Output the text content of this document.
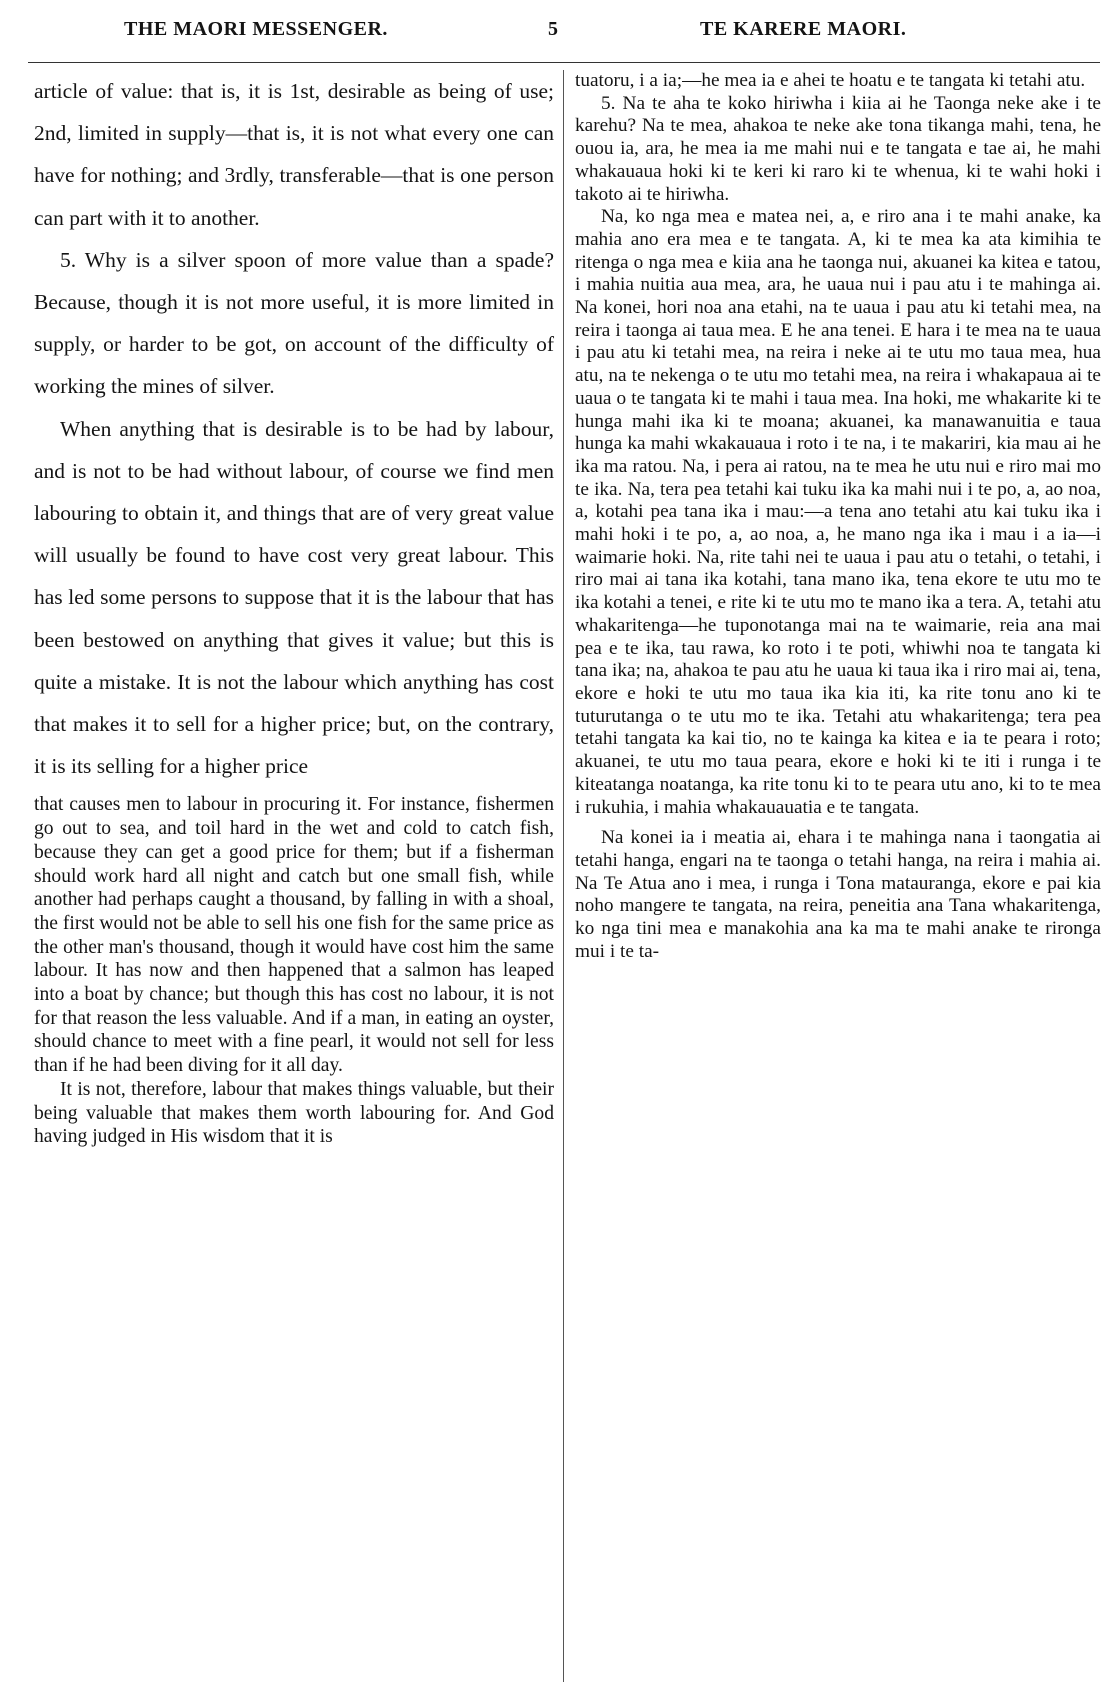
THE MAORI MESSENGER.	5	TE KARERE MAORI.

article of value: that is, it is 1st, desirable as being of use; 2nd, limited in supply—that is, it is not what every one can have for nothing; and 3rdly, transferable—that is one person can part with it to another.

5. Why is a silver spoon of more value than a spade? Because, though it is not more useful, it is more limited in supply, or harder to be got, on account of the difficulty of working the mines of silver.

When anything that is desirable is to be had by labour, and is not to be had without labour, of course we find men labouring to obtain it, and things that are of very great value will usually be found to have cost very great labour. This has led some persons to suppose that it is the labour that has been bestowed on anything that gives it value; but this is quite a mistake. It is not the labour which anything has cost that makes it to sell for a higher price; but, on the contrary, it is its selling for a higher price

that causes men to labour in procuring it. For instance, fishermen go out to sea, and toil hard in the wet and cold to catch fish, because they can get a good price for them; but if a fisherman should work hard all night and catch but one small fish, while another had perhaps caught a thousand, by falling in with a shoal, the first would not be able to sell his one fish for the same price as the other man's thousand, though it would have cost him the same labour. It has now and then happened that a salmon has leaped into a boat by chance; but though this has cost no labour, it is not for that reason the less valuable. And if a man, in eating an oyster, should chance to meet with a fine pearl, it would not sell for less than if he had been diving for it all day.

It is not, therefore, labour that makes things valuable, but their being valuable that makes them worth labouring for. And God having judged in His wisdom that it is

tuatoru, i a ia;—he mea ia e ahei te hoatu e te tangata ki tetahi atu.

5. Na te aha te koko hiriwha i kiia ai he Taonga neke ake i te karehu? Na te mea, ahakoa te neke ake tona tikanga mahi, tena, he ouou ia, ara, he mea ia me mahi nui e te tangata e tae ai, he mahi whakauaua hoki ki te keri ki raro ki te whenua, ki te wahi hoki i takoto ai te hiriwha.

Na, ko nga mea e matea nei, a, e riro ana i te mahi anake, ka mahia ano era mea e te tangata. A, ki te mea ka ata kimihia te ritenga o nga mea e kiia ana he taonga nui, akuanei ka kitea e tatou, i mahia nuitia aua mea, ara, he uaua nui i pau atu i te mahinga ai. Na konei, hori noa ana etahi, na te uaua i pau atu ki tetahi mea, na reira i taonga ai taua mea. E he ana tenei. E hara i te mea na te uaua i pau atu ki tetahi mea, na reira i neke ai te utu mo taua mea, hua atu, na te nekenga o te utu mo tetahi mea, na reira i whakapaua ai te uaua o te tangata ki te mahi i taua mea. Ina hoki, me whakarite ki te hunga mahi ika ki te moana; akuanei, ka manawanuitia e taua hunga ka mahi wkakauaua i roto i te na, i te makariri, kia mau ai he ika ma ratou. Na, i pera ai ratou, na te mea he utu nui e riro mai mo te ika. Na, tera pea tetahi kai tuku ika ka mahi nui i te po, a, ao noa, a, kotahi pea tana ika i mau:—a tena ano tetahi atu kai tuku ika i mahi hoki i te po, a, ao noa, a, he mano nga ika i mau i a ia—i waimarie hoki. Na, rite tahi nei te uaua i pau atu o tetahi, o tetahi, i riro mai ai tana ika kotahi, tana mano ika, tena ekore te utu mo te ika kotahi a tenei, e rite ki te utu mo te mano ika a tera. A, tetahi atu whakaritenga—he tuponotanga mai na te waimarie, reia ana mai pea e te ika, tau rawa, ko roto i te poti, whiwhi noa te tangata ki tana ika; na, ahakoa te pau atu he uaua ki taua ika i riro mai ai, tena, ekore e hoki te utu mo taua ika kia iti, ka rite tonu ano ki te tuturutanga o te utu mo te ika. Tetahi atu whakaritenga; tera pea tetahi tangata ka kai tio, no te kainga ka kitea e ia te peara i roto; akuanei, te utu mo taua peara, ekore e hoki ki te iti i runga i te kiteatanga noatanga, ka rite tonu ki to te peara utu ano, ki to te mea i rukuhia, i mahia whakauauatia e te tangata.

Na konei ia i meatia ai, ehara i te mahinga nana i taongatia ai tetahi hanga, engari na te taonga o tetahi hanga, na reira i mahia ai. Na Te Atua ano i mea, i runga i Tona matauranga, ekore e pai kia noho mangere te tangata, na reira, peneitia ana Tana whakaritenga, ko nga tini mea e manakohia ana ka ma te mahi anake te rironga mui i te ta-
